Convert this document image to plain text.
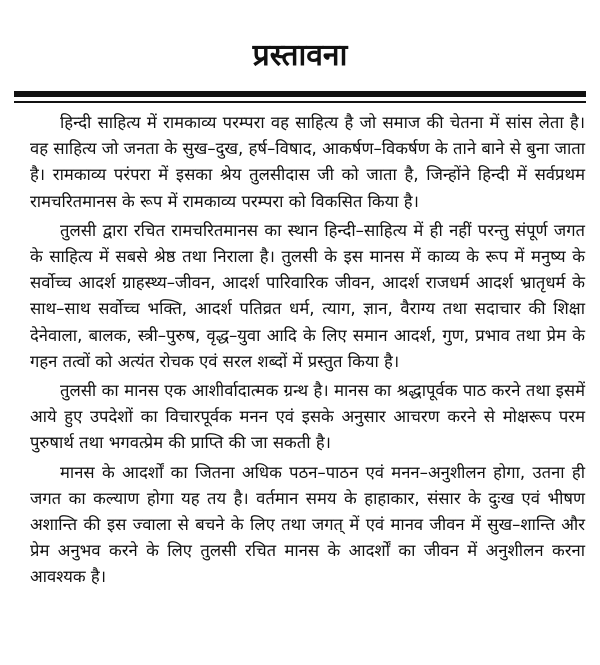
प्रस्तावना

हिन्दी साहित्य में रामकाव्य परम्परा वह साहित्य है जो समाज की चेतना में सांस लेता है। वह साहित्य जो जनता के सुख–दुख, हर्ष–विषाद, आकर्षण–विकर्षण के ताने बाने से बुना जाता है। रामकाव्य परंपरा में इसका श्रेय तुलसीदास जी को जाता है, जिन्होंने हिन्दी में सर्वप्रथम रामचरितमानस के रूप में रामकाव्य परम्परा को विकसित किया है।

तुलसी द्वारा रचित रामचरितमानस का स्थान हिन्दी–साहित्य में ही नहीं परन्तु संपूर्ण जगत के साहित्य में सबसे श्रेष्ठ तथा निराला है। तुलसी के इस मानस में काव्य के रूप में मनुष्य के सर्वोच्च आदर्श ग्राहस्थ्य–जीवन, आदर्श पारिवारिक जीवन, आदर्श राजधर्म आदर्श भ्रातृधर्म के साथ–साथ सर्वोच्च भक्ति, आदर्श पतिव्रत धर्म, त्याग, ज्ञान, वैराग्य तथा सदाचार की शिक्षा देनेवाला, बालक, स्त्री–पुरुष, वृद्ध–युवा आदि के लिए समान आदर्श, गुण, प्रभाव तथा प्रेम के गहन तत्वों को अत्यंत रोचक एवं सरल शब्दों में प्रस्तुत किया है।

तुलसी का मानस एक आशीर्वादात्मक ग्रन्थ है। मानस का श्रद्धापूर्वक पाठ करने तथा इसमें आये हुए उपदेशों का विचारपूर्वक मनन एवं इसके अनुसार आचरण करने से मोक्षरूप परम पुरुषार्थ तथा भगवत्प्रेम की प्राप्ति की जा सकती है।

मानस के आदर्शों का जितना अधिक पठन–पाठन एवं मनन–अनुशीलन होगा, उतना ही जगत का कल्याण होगा यह तय है। वर्तमान समय के हाहाकार, संसार के दुःख एवं भीषण अशान्ति की इस ज्वाला से बचने के लिए तथा जगत् में एवं मानव जीवन में सुख–शान्ति और प्रेम अनुभव करने के लिए तुलसी रचित मानस के आदर्शों का जीवन में अनुशीलन करना आवश्यक है।
